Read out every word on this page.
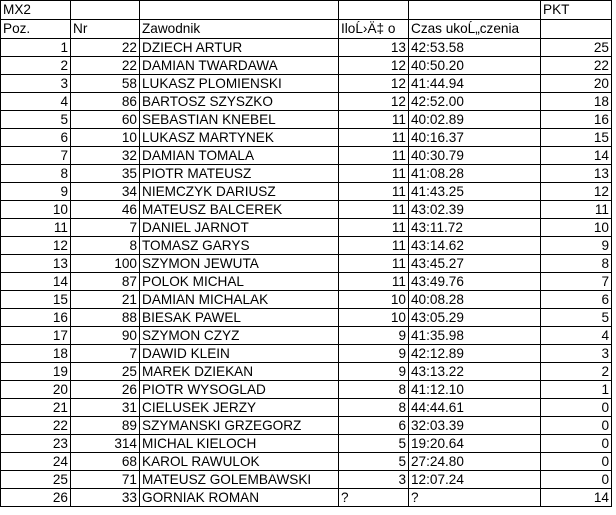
MX2					PKT
Poz.	Nr	Zawodnik	IloĹ›Ä‡ o	Czas ukoĹ„czenia	
1	22	DZIECH ARTUR	13	42:53.58	25
2	22	DAMIAN TWARDAWA	12	40:50.20	22
3	58	LUKASZ PLOMIENSKI	12	41:44.94	20
4	86	BARTOSZ SZYSZKO	12	42:52.00	18
5	60	SEBASTIAN KNEBEL	11	40:02.89	16
6	10	LUKASZ MARTYNEK	11	40:16.37	15
7	32	DAMIAN TOMALA	11	40:30.79	14
8	35	PIOTR MATEUSZ	11	41:08.28	13
9	34	NIEMCZYK DARIUSZ	11	41:43.25	12
10	46	MATEUSZ BALCEREK	11	43:02.39	11
11	7	DANIEL JARNOT	11	43:11.72	10
12	8	TOMASZ GARYS	11	43:14.62	9
13	100	SZYMON JEWUTA	11	43:45.27	8
14	87	POLOK MICHAL	11	43:49.76	7
15	21	DAMIAN MICHALAK	10	40:08.28	6
16	88	BIESAK PAWEL	10	43:05.29	5
17	90	SZYMON CZYZ	9	41:35.98	4
18	7	DAWID KLEIN	9	42:12.89	3
19	25	MAREK DZIEKAN	9	43:13.22	2
20	26	PIOTR WYSOGLAD	8	41:12.10	1
21	31	CIELUSEK JERZY	8	44:44.61	0
22	89	SZYMANSKI GRZEGORZ	6	32:03.39	0
23	314	MICHAL KIELOCH	5	19:20.64	0
24	68	KAROL RAWULOK	5	27:24.80	0
25	71	MATEUSZ GOLEMBAWSKI	3	12:07.24	0
26	33	GORNIAK ROMAN	?	?	14
